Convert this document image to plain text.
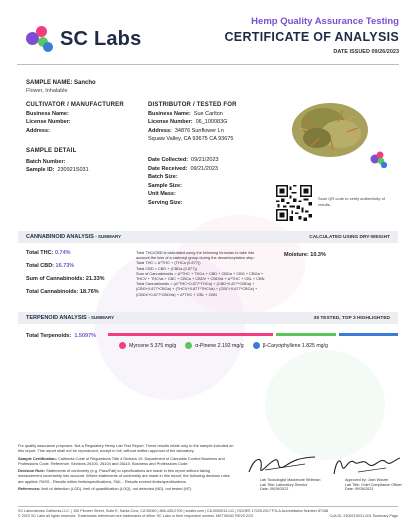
SC Labs
Hemp Quality Assurance Testing
CERTIFICATE OF ANALYSIS
DATE ISSUED 09/26/2023
SAMPLE NAME: Sancho
Flower, Inhalable
CULTIVATOR / MANUFACTURER
Business Name:
License Number:
Address:
DISTRIBUTOR / TESTED FOR
Business Name: Sue Carlton
License Number: 06_100083G
Address: 34876 Sunflower Ln
Squaw Valley, CA 93675 CA 93675
SAMPLE DETAIL
Batch Number:
Sample ID: 230921S031
Date Collected: 09/21/2023
Date Received: 09/21/2023
Batch Size:
Sample Size:
Unit Mass:
Serving Size:
Scan QR code to verify authenticity of results.
CANNABINOID ANALYSIS - SUMMARY	CALCULATED USING DRY-WEIGHT
Total THC: 0.74%
Total CBD: 16.73%
Sum of Cannabinoids: 21.33%
Total Cannabinoids: 18.76%
Total THC/CBD is calculated using the following formulas to take into account the loss of a carboxyl group during the decarboxylation step:
Total THC = Δ⁹THC + (THCa (0.877))
Total CBD = CBD + (CBDa (0.877))
Sum of Cannabinoids = Δ⁹THC + THCa + CBD + CBDa + CBG + CBGa + THCV + THCVa + CBC + CBCa + CBDV + CBDVa + Δ⁸THC + CBL + CBN
Total Cannabinoids = (Δ⁹THC+0.877*THCa) + (CBD+0.877*CBDa) + (CBG+0.877*CBGa) + (THCV+0.877*THCVa) + (CBC+0.877*CBCa) + (CBDV+0.877*CBDVa) + Δ⁸THC + CBL + CBN
Moisture: 10.3%
TERPENOID ANALYSIS - SUMMARY	39 TESTED, TOP 3 HIGHLIGHTED
Total Terpenoids: 1.5097%
Myrcene 5.375 mg/g	α-Pinene 2.192 mg/g	β-Caryophyllene 1.825 mg/g
For quality assurance purposes. Not a Regulatory Hemp Lab Test Report. These results relate only to the sample included on this report. This report shall not be reproduced, except in full, without written approval of the laboratory.
Sample Certification: California Code of Regulations Title 4 Division 19. Department of Cannabis Control Business and Professions Code. Reference: Sections 26100, 26104 and 26110, Business and Professions Code.
Decision Rule: Statements of conformity (e.g. Pass/Fail) to specifications are made in this report without taking measurement uncertainty into account. Where statements of conformity are made in this report, the following decision rules are applied: PASS - Results within limits/specifications, FAIL - Results exceed limits/specifications.
References: limit of detection (LOD), limit of quantification (LOQ), not detected (ND), not tested (NT)
Lab Toxicologist Mackenzie Whitman
Lab Title: Laboratory Director
Date: 09/26/2023
Approved by: Josh Wurzer
Lab Title: Chief Compliance Officer
Date: 09/26/2023
SC Laboratories California LLC. | 100 Pioneer Street, Suite E, Santa Cruz, CA 95060 | 866-435-0709 | sclabs.com | C8-0000013-LIC | ISO/IES 17025:2017 PJLA Accreditation Number 87168
© 2023 SC Labs all rights reserved. Trademarks referenced are trademarks of either SC Labs or their respective owners. MKT00162 REV9 2/23	CoA ID: 230921S031-001 Summary Page
